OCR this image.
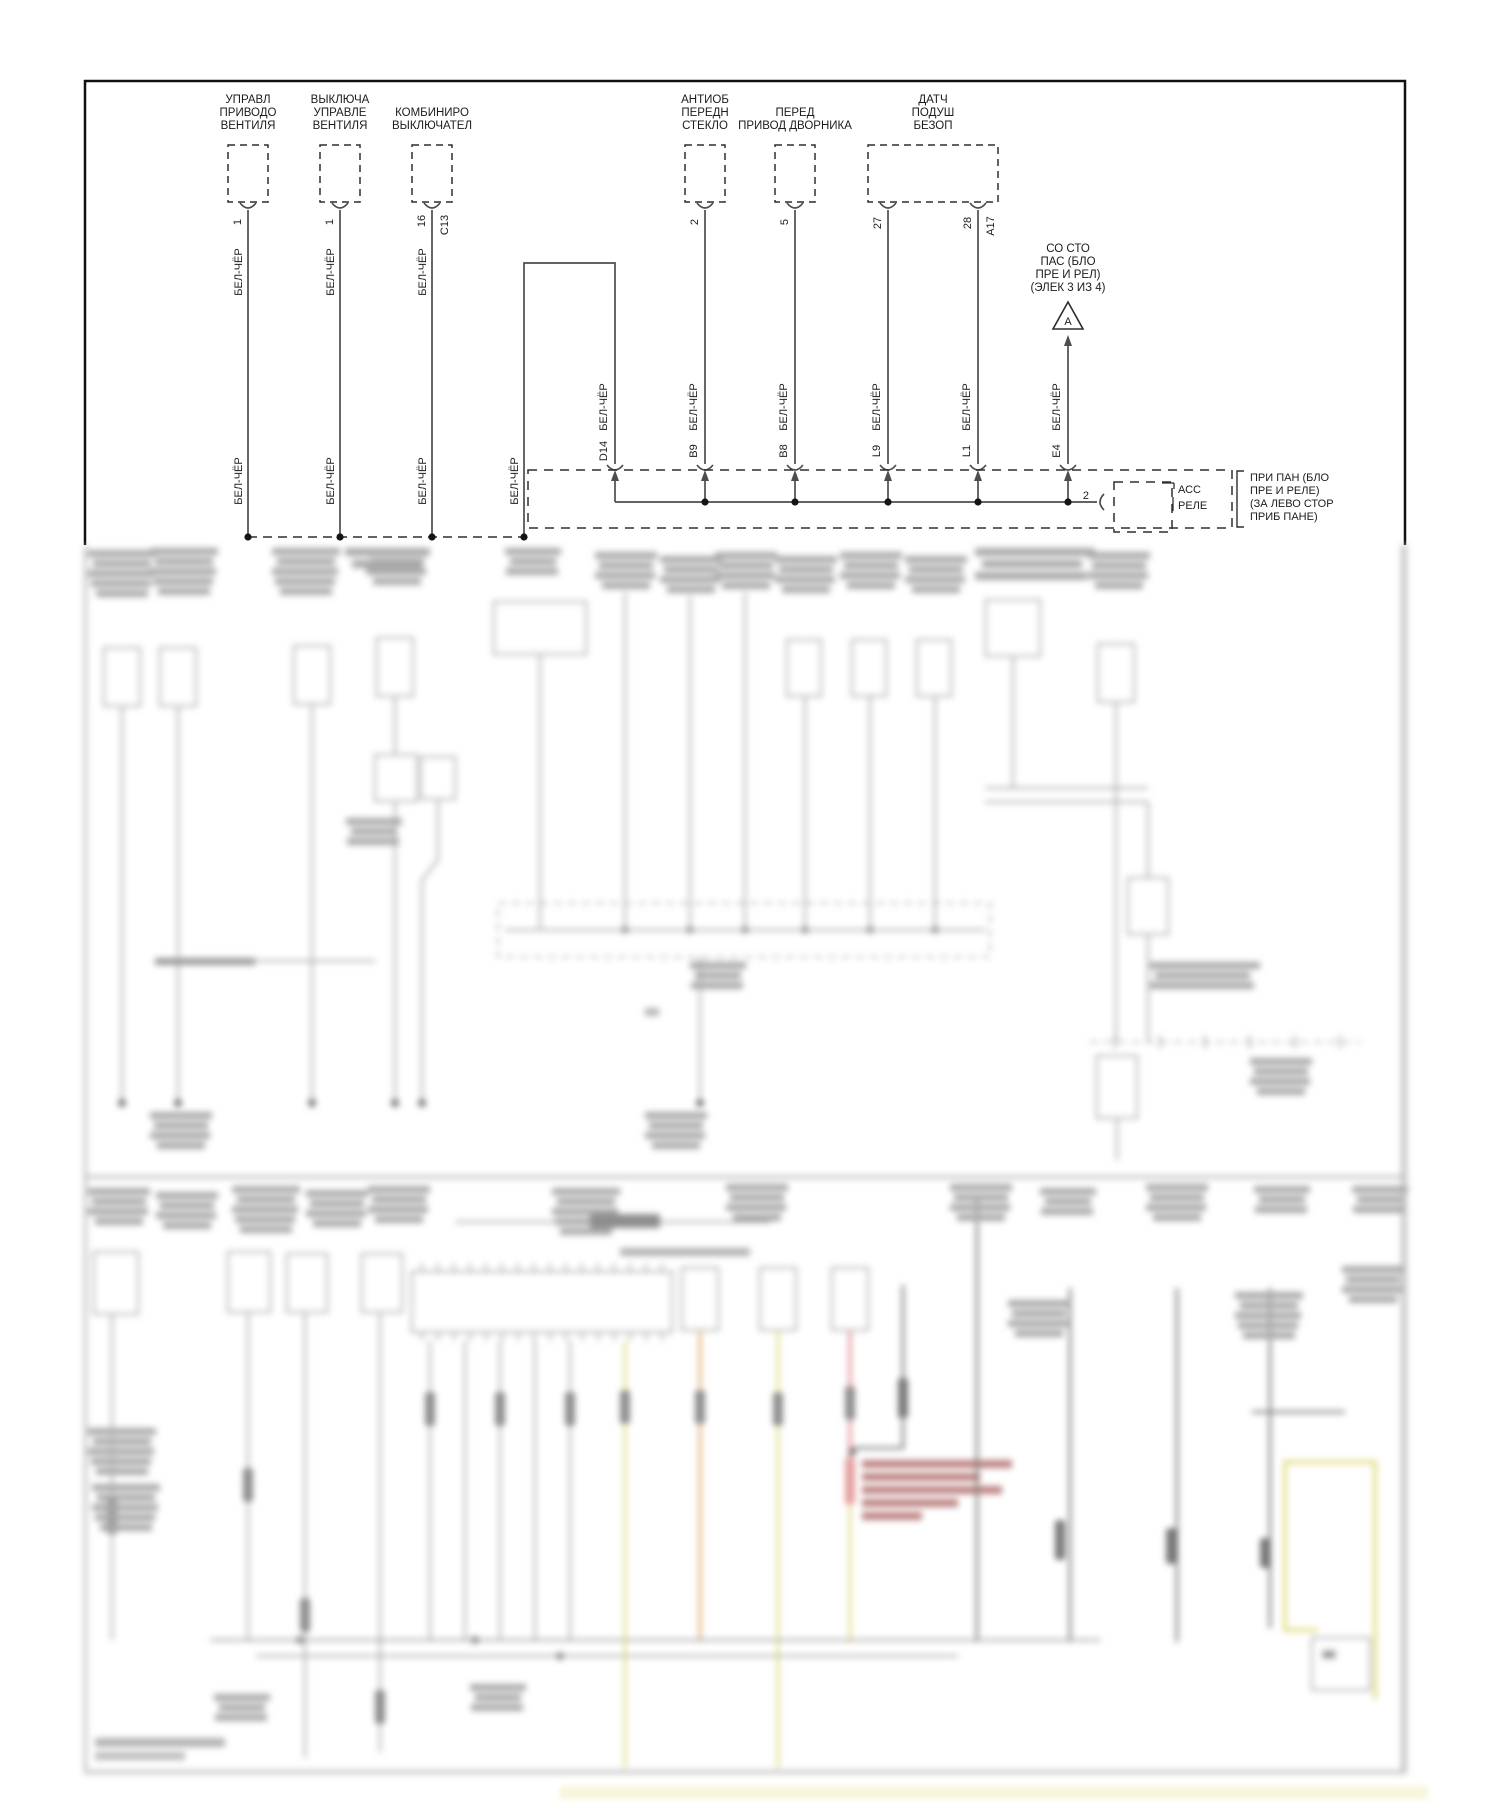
УПРАВЛ
ПРИВОДО
ВЕНТИЛЯ
1
ВЫКЛЮЧА
УПРАВЛЕ
ВЕНТИЛЯ
1
КОМБИНИРО
ВЫКЛЮЧАТЕЛ
16 C13
АНТИОБ
ПЕРЕДН
СТЕКЛО
2
ПЕРЕД
ПРИВОД ДВОРНИКА
5
ДАТЧ
ПОДУШ
БЕЗОП
27	28 A17
СО СТО
ПАС (БЛО
ПРЕ И РЕЛ)
(ЭЛЕК 3 ИЗ 4)
A
БЕЛ-ЧЁР	БЕЛ-ЧЁР	БЕЛ-ЧЁР
БЕЛ-ЧЁР	БЕЛ-ЧЁР	БЕЛ-ЧЁР	БЕЛ-ЧЁР
БЕЛ-ЧЁР	БЕЛ-ЧЁР	БЕЛ-ЧЁР	БЕЛ-ЧЁР	БЕЛ-ЧЁР	БЕЛ-ЧЁР
D14	B9	B8	L9	L1	E4
2	АСС
РЕЛЕ
ПРИ ПАН (БЛО
ПРЕ И РЕЛЕ)
(ЗА ЛЕВО СТОР
ПРИБ ПАНЕ)
